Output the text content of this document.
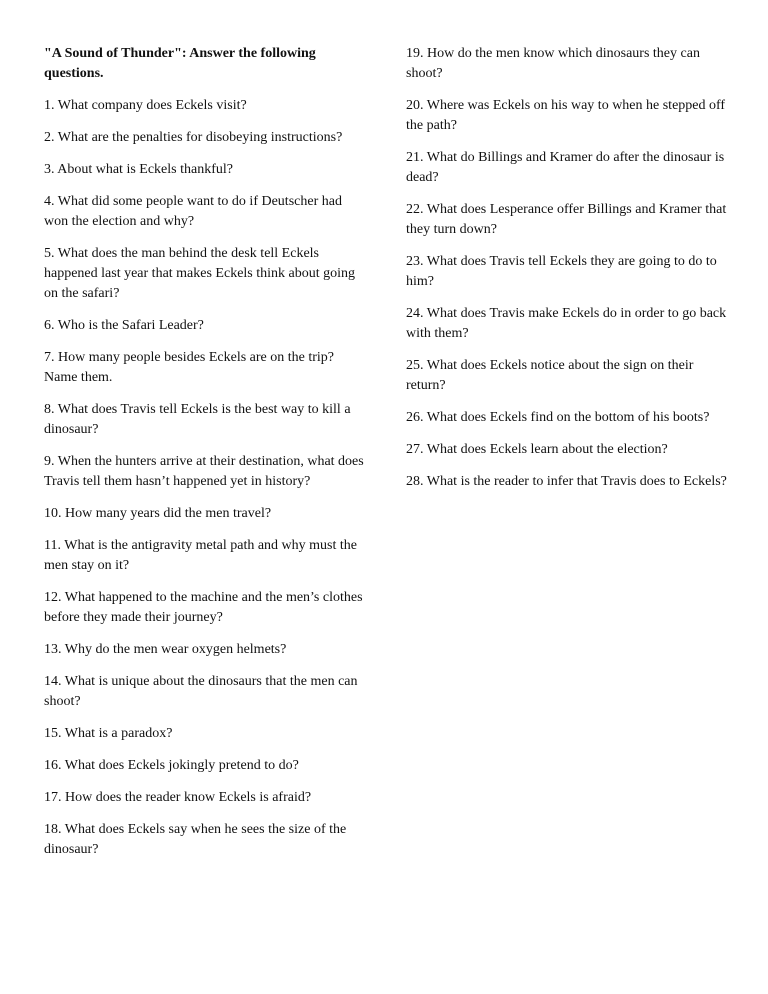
"A Sound of Thunder": Answer the following questions.

1. What company does Eckels visit?

2. What are the penalties for disobeying instructions?

3. About what is Eckels thankful?

4. What did some people want to do if Deutscher had won the election and why?

5. What does the man behind the desk tell Eckels happened last year that makes Eckels think about going on the safari?

6. Who is the Safari Leader?

7. How many people besides Eckels are on the trip? Name them.

8. What does Travis tell Eckels is the best way to kill a dinosaur?

9. When the hunters arrive at their destination, what does Travis tell them hasn’t happened yet in history?

10. How many years did the men travel?

11. What is the antigravity metal path and why must the men stay on it?

12. What happened to the machine and the men’s clothes before they made their journey?

13. Why do the men wear oxygen helmets?

14. What is unique about the dinosaurs that the men can shoot?

15. What is a paradox?

16. What does Eckels jokingly pretend to do?

17. How does the reader know Eckels is afraid?

18. What does Eckels say when he sees the size of the dinosaur?

19. How do the men know which dinosaurs they can shoot?

20. Where was Eckels on his way to when he stepped off the path?

21. What do Billings and Kramer do after the dinosaur is dead?

22. What does Lesperance offer Billings and Kramer that they turn down?

23. What does Travis tell Eckels they are going to do to him?

24. What does Travis make Eckels do in order to go back with them?

25. What does Eckels notice about the sign on their return?

26. What does Eckels find on the bottom of his boots?

27. What does Eckels learn about the election?

28. What is the reader to infer that Travis does to Eckels?
